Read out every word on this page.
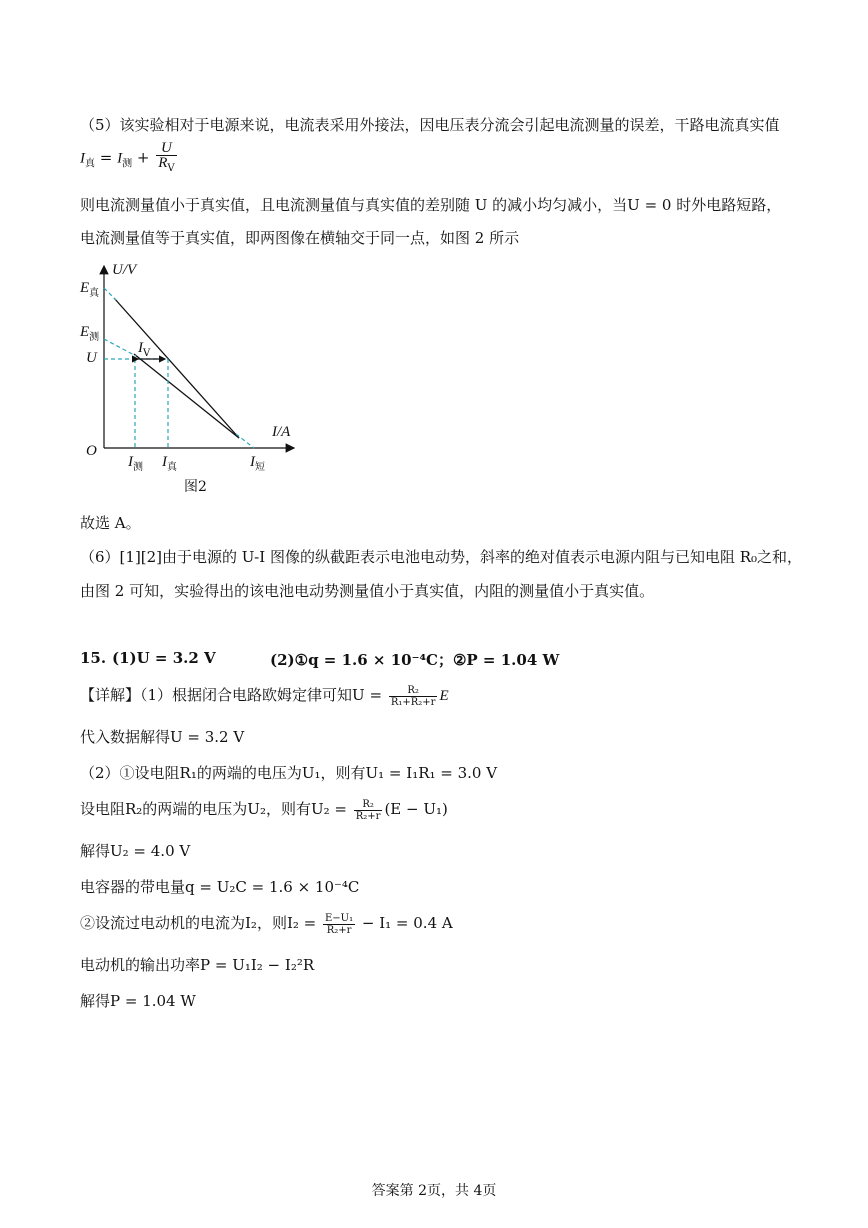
（5）该实验相对于电源来说，电流表采用外接法，因电压表分流会引起电流测量的误差，干路电流真实值
$I_真 = I_测 + \frac{U}{R_V}$
则电流测量值小于真实值，且电流测量值与真实值的差别随 U 的减小均匀减小，当U = 0 时外电路短路，
电流测量值等于真实值，即两图像在横轴交于同一点，如图 2 所示
U/V
I/A
O
$E_真$
$E_测$
U
$I_V$
$I_测$ $I_真$	$I_短$
图2
故选 A。
（6）[1][2]由于电源的 U-I 图像的纵截距表示电池电动势，斜率的绝对值表示电源内阻与已知电阻 R₀之和，
由图 2 可知，实验得出的该电池电动势测量值小于真实值，内阻的测量值小于真实值。
15. (1)U = 3.2 V	(2)①q = 1.6 × 10⁻⁴C；②P = 1.04 W
【详解】（1）根据闭合电路欧姆定律可知$U = \frac{\text{R₂}}{\text{R₁+R₂+r}}$ E
代入数据解得U = 3.2 V
（2）①设电阻R₁的两端的电压为U₁，则有U₁ = I₁R₁ = 3.0 V
设电阻R₂的两端的电压为U₂，则有$U_2 = \frac{\text{R₂}}{\text{R₂+r}} (E - U_1)$
解得U₂ = 4.0 V
电容器的带电量q = U₂C = 1.6 × 10⁻⁴C
②设流过电动机的电流为I₂，则$I_2 = \frac{\text{E−U₁}}{\text{R₂+r}} - I_1 = 0.4$ A
电动机的输出功率P = U₁I₂ − I₂²R
解得P = 1.04 W
答案第 2页，共 4页
